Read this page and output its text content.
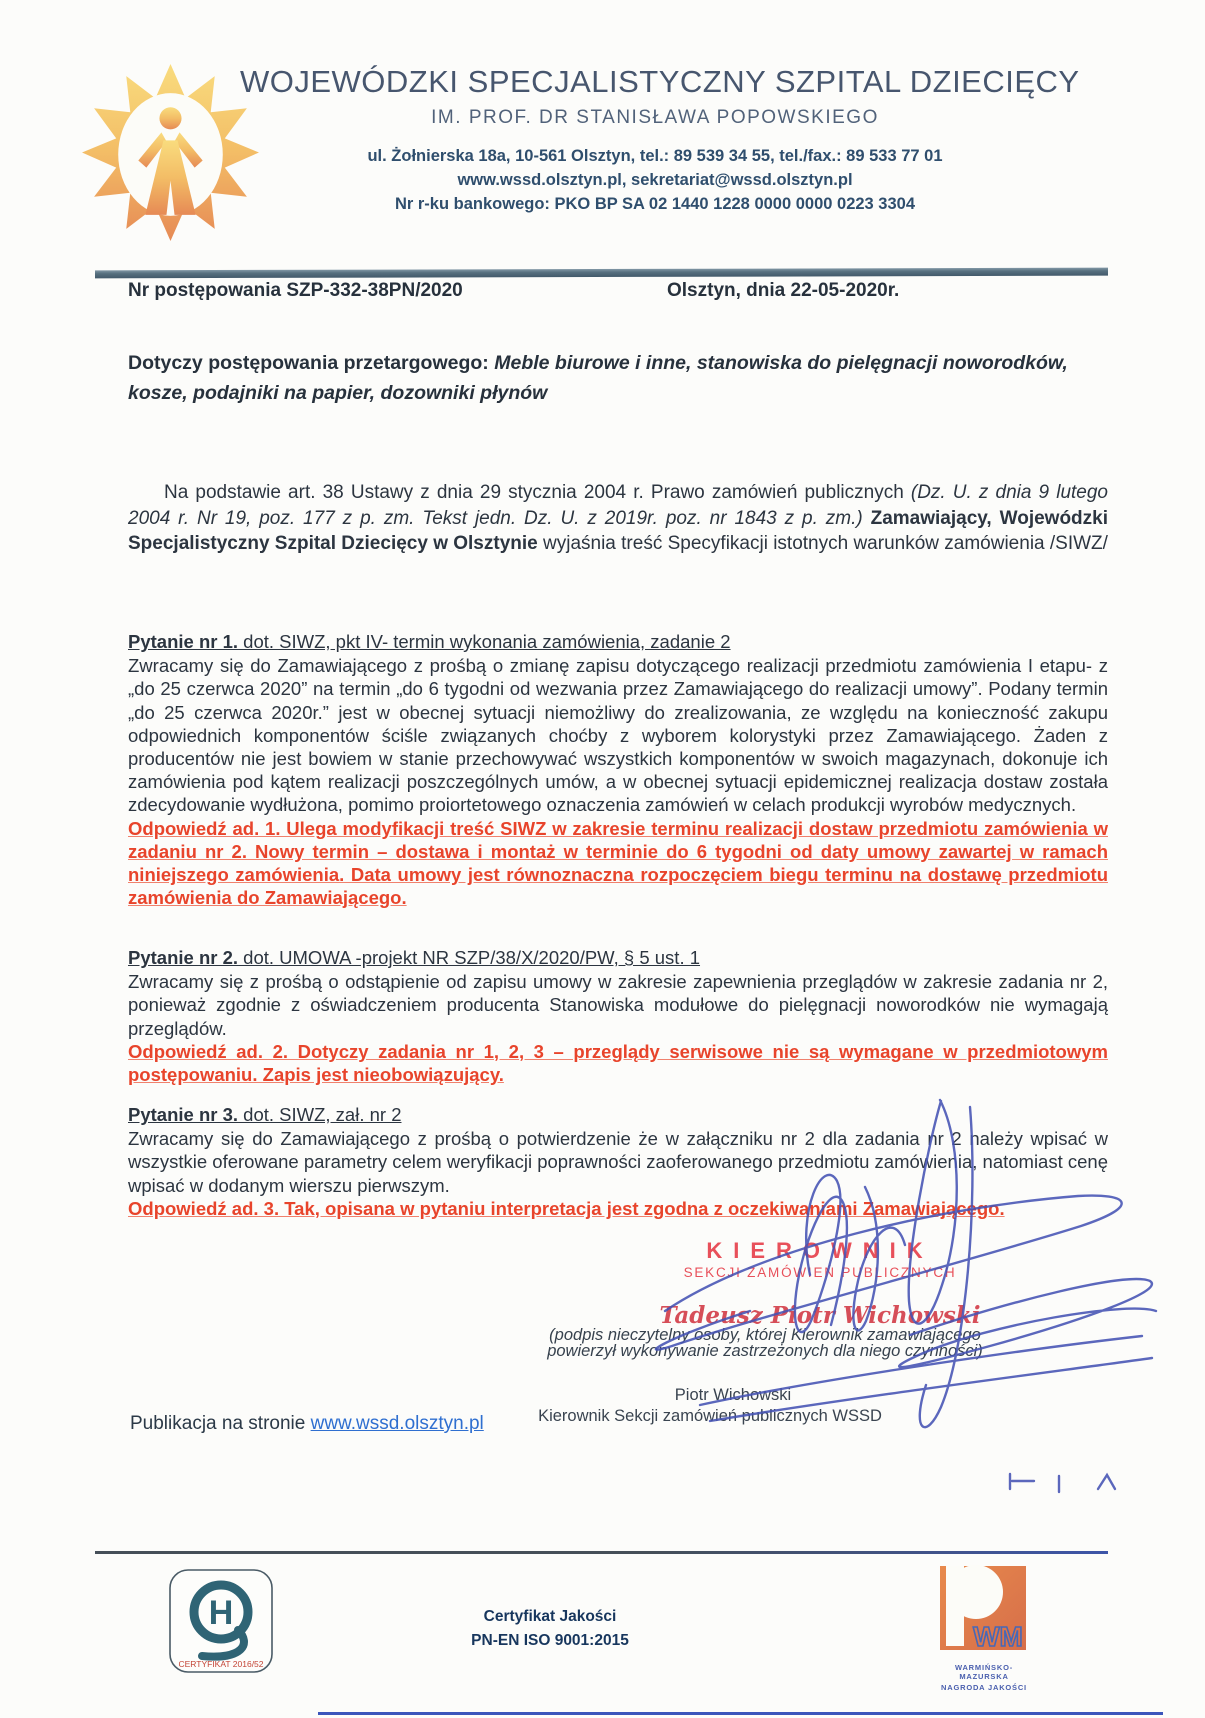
WOJEWÓDZKI SPECJALISTYCZNY SZPITAL DZIECIĘCY
IM. PROF. DR STANISŁAWA POPOWSKIEGO
ul. Żołnierska 18a, 10-561 Olsztyn, tel.: 89 539 34 55, tel./fax.: 89 533 77 01
www.wssd.olsztyn.pl, sekretariat@wssd.olsztyn.pl
Nr r-ku bankowego: PKO BP SA 02 1440 1228 0000 0000 0223 3304
Nr postępowania SZP-332-38PN/2020	Olsztyn, dnia 22-05-2020r.
Dotyczy postępowania przetargowego: Meble biurowe i inne, stanowiska do pielęgnacji noworodków, kosze, podajniki na papier, dozowniki płynów
Na podstawie art. 38 Ustawy z dnia 29 stycznia 2004 r. Prawo zamówień publicznych (Dz. U. z dnia 9 lutego 2004 r. Nr 19, poz. 177 z p. zm. Tekst jedn. Dz. U. z 2019r. poz. nr 1843 z p. zm.) Zamawiający, Wojewódzki Specjalistyczny Szpital Dziecięcy w Olsztynie wyjaśnia treść Specyfikacji istotnych warunków zamówienia /SIWZ/
Pytanie nr 1. dot. SIWZ, pkt IV- termin wykonania zamówienia, zadanie 2
Zwracamy się do Zamawiającego z prośbą o zmianę zapisu dotyczącego realizacji przedmiotu zamówienia I etapu- z „do 25 czerwca 2020” na termin „do 6 tygodni od wezwania przez Zamawiającego do realizacji umowy”. Podany termin „do 25 czerwca 2020r.” jest w obecnej sytuacji niemożliwy do zrealizowania, ze względu na konieczność zakupu odpowiednich komponentów ściśle związanych choćby z wyborem kolorystyki przez Zamawiającego. Żaden z producentów nie jest bowiem w stanie przechowywać wszystkich komponentów w swoich magazynach, dokonuje ich zamówienia pod kątem realizacji poszczególnych umów, a w obecnej sytuacji epidemicznej realizacja dostaw została zdecydowanie wydłużona, pomimo proiortetowego oznaczenia zamówień w celach produkcji wyrobów medycznych.
Odpowiedź ad. 1. Ulega modyfikacji treść SIWZ w zakresie terminu realizacji dostaw przedmiotu zamówienia w zadaniu nr 2. Nowy termin – dostawa i montaż w terminie do 6 tygodni od daty umowy zawartej w ramach niniejszego zamówienia. Data umowy jest równoznaczna rozpoczęciem biegu terminu na dostawę przedmiotu zamówienia do Zamawiającego.
Pytanie nr 2. dot. UMOWA -projekt NR SZP/38/X/2020/PW, § 5 ust. 1
Zwracamy się z prośbą o odstąpienie od zapisu umowy w zakresie zapewnienia przeglądów w zakresie zadania nr 2, ponieważ zgodnie z oświadczeniem producenta Stanowiska modułowe do pielęgnacji noworodków nie wymagają przeglądów.
Odpowiedź ad. 2. Dotyczy zadania nr 1, 2, 3 – przeglądy serwisowe nie są wymagane w przedmiotowym postępowaniu. Zapis jest nieobowiązujący.
Pytanie nr 3. dot. SIWZ, zał. nr 2
Zwracamy się do Zamawiającego z prośbą o potwierdzenie że w załączniku nr 2 dla zadania nr 2 należy wpisać w wszystkie oferowane parametry celem weryfikacji poprawności zaoferowanego przedmiotu zamówienia, natomiast cenę wpisać w dodanym wierszu pierwszym.
Odpowiedź ad. 3. Tak, opisana w pytaniu interpretacja jest zgodna z oczekiwaniami Zamawiającego.
KIEROWNIK
SEKCJI ZAMÓWIEŃ PUBLICZNYCH
Tadeusz Piotr Wichowski
(podpis nieczytelny osoby, której Kierownik zamawiającego
powierzył wykonywanie zastrzeżonych dla niego czynności)
Piotr Wichowski
Kierownik Sekcji zamówień publicznych WSSD
Publikacja na stronie www.wssd.olsztyn.pl
H
CERTYFIKAT 2016/52
Certyfikat Jakości
PN-EN ISO 9001:2015	WM
WARMIŃSKO-MAZURSKA
NAGRODA JAKOŚCI
